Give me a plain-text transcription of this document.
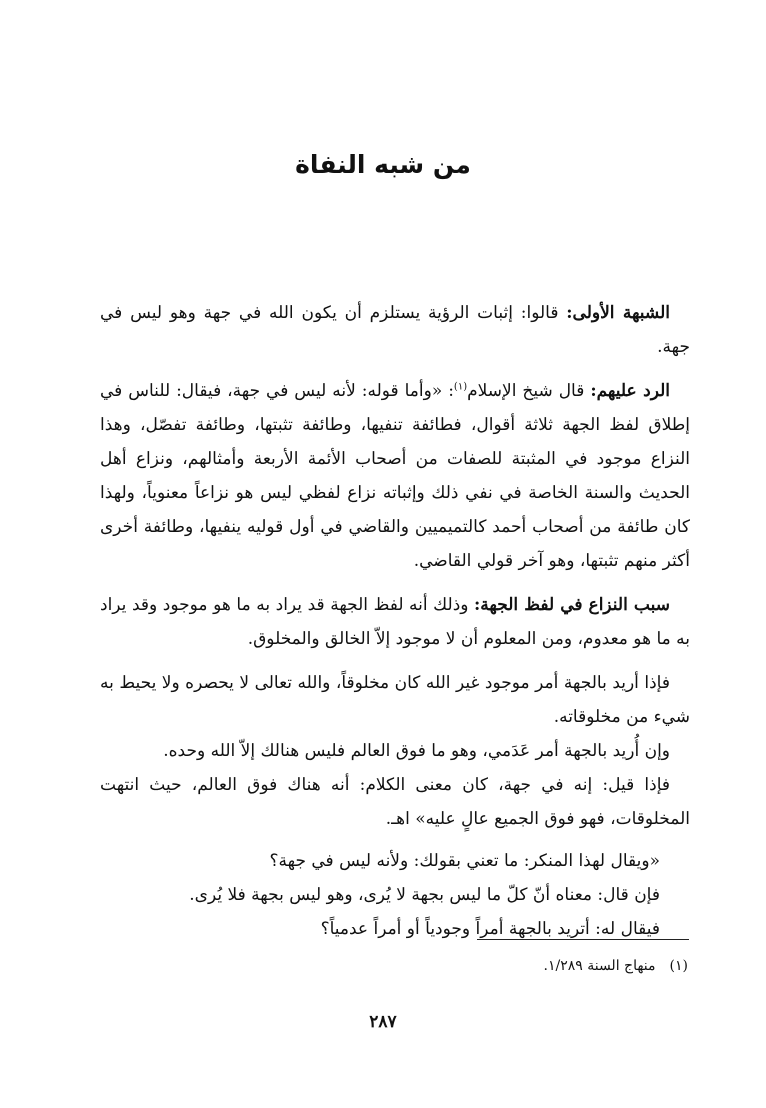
من شبه النفاة

الشبهة الأولى: قالوا: إثبات الرؤية يستلزم أن يكون الله في جهة وهو ليس في جهة.

الرد عليهم: قال شيخ الإسلام$^{(١)}$: «وأما قوله: لأنه ليس في جهة، فيقال: للناس في إطلاق لفظ الجهة ثلاثة أقوال، فطائفة تنفيها، وطائفة تثبتها، وطائفة تفصّل، وهذا النزاع موجود في المثبتة للصفات من أصحاب الأئمة الأربعة وأمثالهم، ونزاع أهل الحديث والسنة الخاصة في نفي ذلك وإثباته نزاع لفظي ليس هو نزاعاً معنوياً، ولهذا كان طائفة من أصحاب أحمد كالتميميين والقاضي في أول قوليه ينفيها، وطائفة أخرى أكثر منهم تثبتها، وهو آخر قولي القاضي.

سبب النزاع في لفظ الجهة: وذلك أنه لفظ الجهة قد يراد به ما هو موجود وقد يراد به ما هو معدوم، ومن المعلوم أن لا موجود إلاّ الخالق والمخلوق.

فإذا أريد بالجهة أمر موجود غير الله كان مخلوقاً، والله تعالى لا يحصره ولا يحيط به شيء من مخلوقاته.

وإن أُريد بالجهة أمر عَدَمي، وهو ما فوق العالم فليس هنالك إلاّ الله وحده.

فإذا قيل: إنه في جهة، كان معنى الكلام: أنه هناك فوق العالم، حيث انتهت المخلوقات، فهو فوق الجميع عالٍ عليه» اهـ.

«ويقال لهذا المنكر: ما تعني بقولك: ولأنه ليس في جهة؟

فإن قال: معناه أنّ كلّ ما ليس بجهة لا يُرى، وهو ليس بجهة فلا يُرى.

فيقال له: أتريد بالجهة أمراً وجودياً أو أمراً عدمياً؟

(١)منهاج السنة ١/٢٨٩.

٢٨٧
